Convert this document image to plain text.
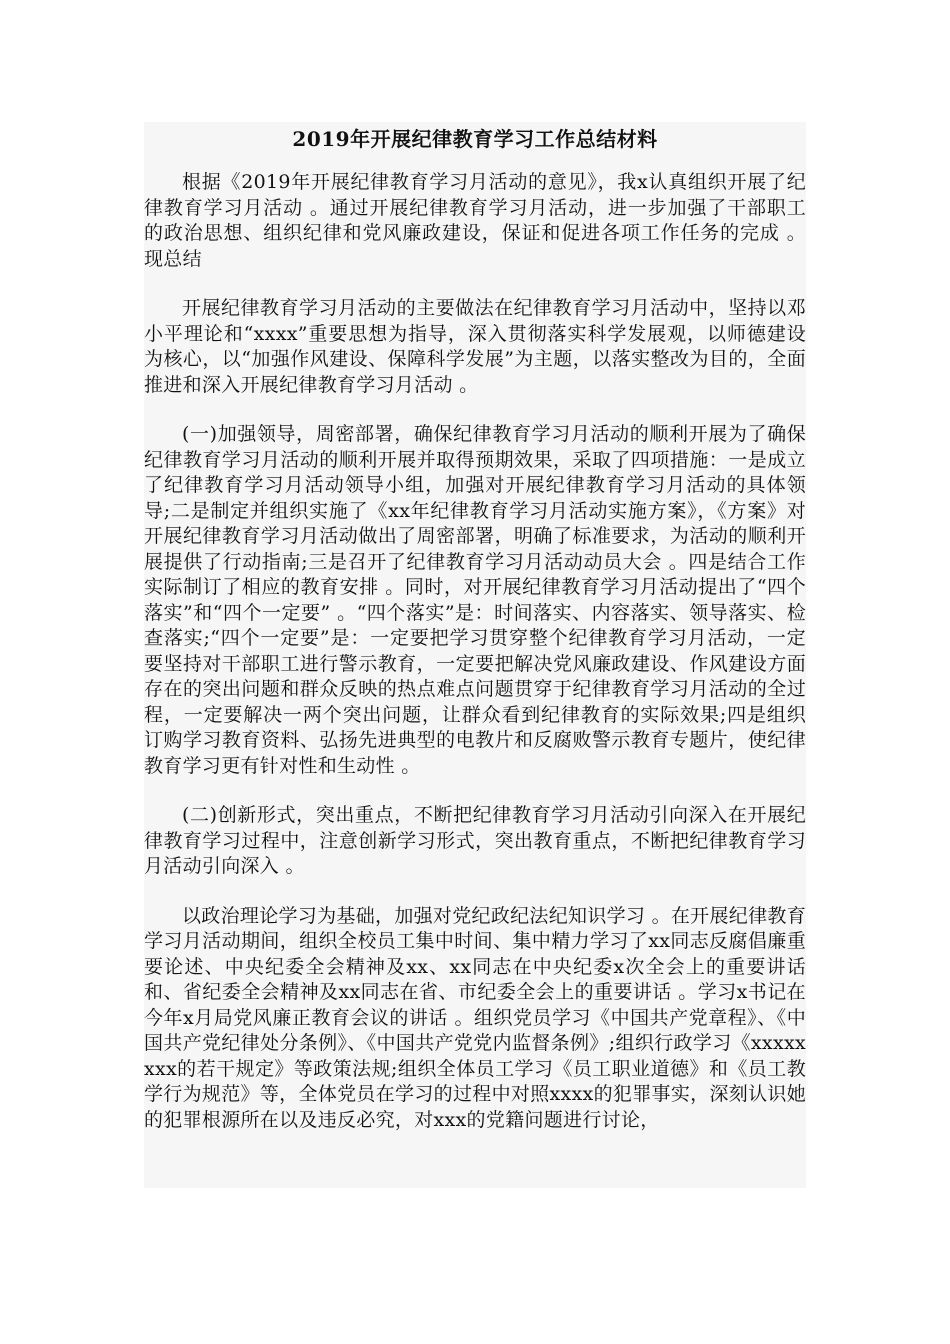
2019年开展纪律教育学习工作总结材料

根据《2019年开展纪律教育学习月活动的意见》，我x认真组织开展了纪律教育学习月活动 。通过开展纪律教育学习月活动，进一步加强了干部职工的政治思想、组织纪律和党风廉政建设，保证和促进各项工作任务的完成 。现总结

开展纪律教育学习月活动的主要做法在纪律教育学习月活动中，坚持以邓小平理论和“xxxx”重要思想为指导，深入贯彻落实科学发展观，以师德建设为核心，以“加强作风建设、保障科学发展”为主题，以落实整改为目的，全面推进和深入开展纪律教育学习月活动 。

(一)加强领导，周密部署，确保纪律教育学习月活动的顺利开展为了确保纪律教育学习月活动的顺利开展并取得预期效果，采取了四项措施：一是成立了纪律教育学习月活动领导小组，加强对开展纪律教育学习月活动的具体领导;二是制定并组织实施了《xx年纪律教育学习月活动实施方案》，《方案》对开展纪律教育学习月活动做出了周密部署，明确了标准要求，为活动的顺利开展提供了行动指南;三是召开了纪律教育学习月活动动员大会 。四是结合工作实际制订了相应的教育安排 。同时，对开展纪律教育学习月活动提出了“四个落实”和“四个一定要” 。“四个落实”是：时间落实、内容落实、领导落实、检查落实;“四个一定要”是：一定要把学习贯穿整个纪律教育学习月活动，一定要坚持对干部职工进行警示教育，一定要把解决党风廉政建设、作风建设方面存在的突出问题和群众反映的热点难点问题贯穿于纪律教育学习月活动的全过程，一定要解决一两个突出问题，让群众看到纪律教育的实际效果;四是组织订购学习教育资料、弘扬先进典型的电教片和反腐败警示教育专题片，使纪律教育学习更有针对性和生动性 。

(二)创新形式，突出重点，不断把纪律教育学习月活动引向深入在开展纪律教育学习过程中，注意创新学习形式，突出教育重点，不断把纪律教育学习月活动引向深入 。

以政治理论学习为基础，加强对党纪政纪法纪知识学习 。在开展纪律教育学习月活动期间，组织全校员工集中时间、集中精力学习了xx同志反腐倡廉重要论述、中央纪委全会精神及xx、xx同志在中央纪委x次全会上的重要讲话和、省纪委全会精神及xx同志在省、市纪委全会上的重要讲话 。学习x书记在今年x月局党风廉正教育会议的讲话 。组织党员学习《中国共产党章程》、《中国共产党纪律处分条例》、《中国共产党党内监督条例》;组织行政学习《xxxxxxxx的若干规定》等政策法规;组织全体员工学习《员工职业道德》和《员工教学行为规范》等，全体党员在学习的过程中对照xxxx的犯罪事实，深刻认识她的犯罪根源所在以及违反必究，对xxx的党籍问题进行讨论，
